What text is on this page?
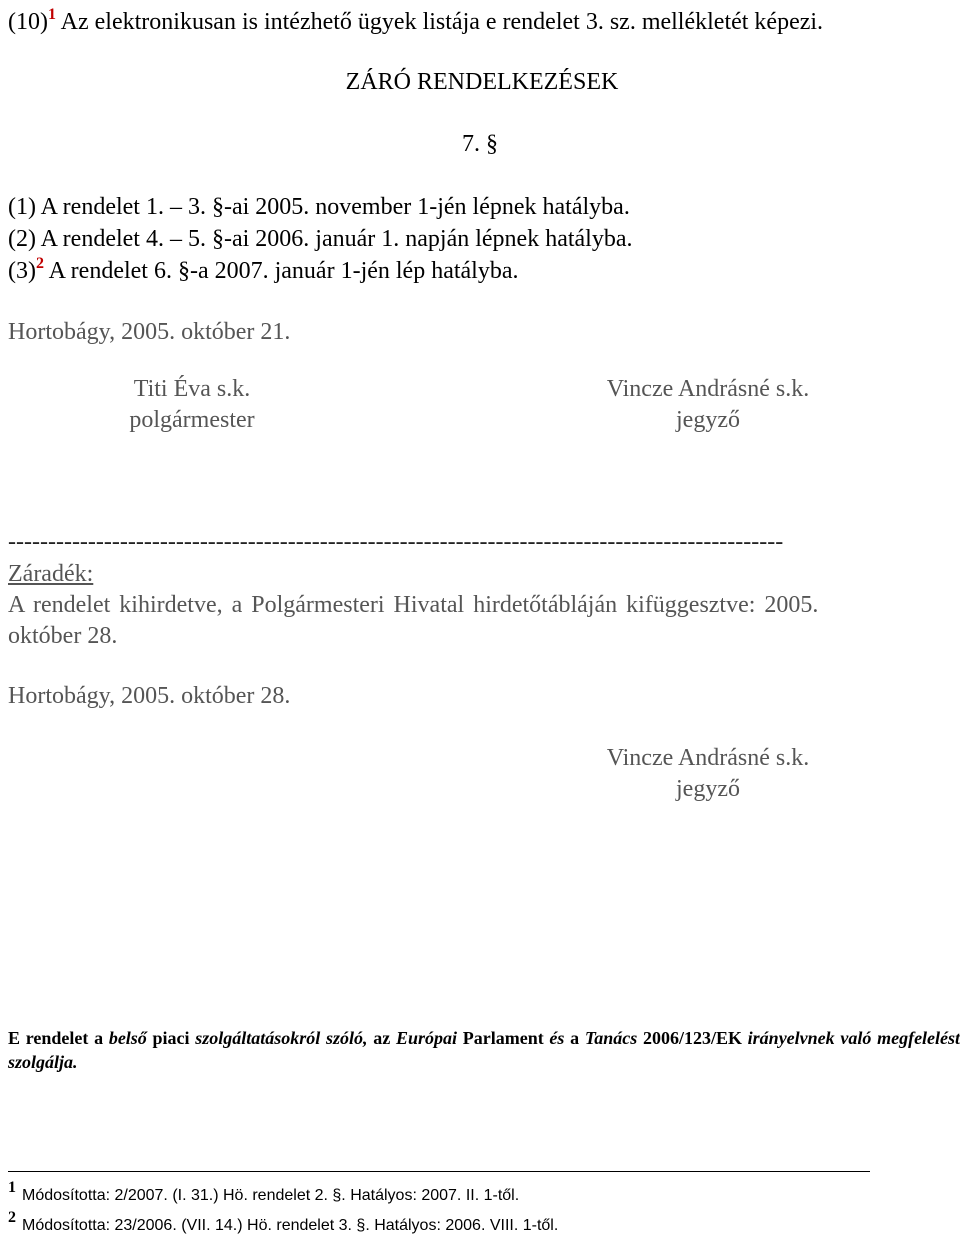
$(10)^1$ Az elektronikusan is intézhető ügyek listája e rendelet 3. sz. mellékletét képezi.
ZÁRÓ RENDELKEZÉSEK
7. §
(1) A rendelet 1. – 3. §-ai 2005. november 1-jén lépnek hatályba.
(2) A rendelet 4. – 5. §-ai 2006. január 1. napján lépnek hatályba.
$(3)^2$ A rendelet 6. §-a 2007. január 1-jén lép hatályba.
Hortobágy, 2005. október 21.
Titi Éva s.k.
polgármester
Vincze Andrásné s.k.
jegyző
-------------------------------------------------------------------------------------------------
Záradék:
A rendelet kihirdetve, a Polgármesteri Hivatal hirdetőtábláján kifüggesztve: 2005.
október 28.
Hortobágy, 2005. október 28.
Vincze Andrásné s.k.
jegyző
E rendelet a belső piaci szolgáltatásokról szóló, az Európai Parlament és a Tanács 2006/123/EK irányelvnek való megfelelést szolgálja.
1 Módosította: 2/2007. (I. 31.) Hö. rendelet 2. §. Hatályos: 2007. II. 1-től.
2 Módosította: 23/2006. (VII. 14.) Hö. rendelet 3. §. Hatályos: 2006. VIII. 1-től.
